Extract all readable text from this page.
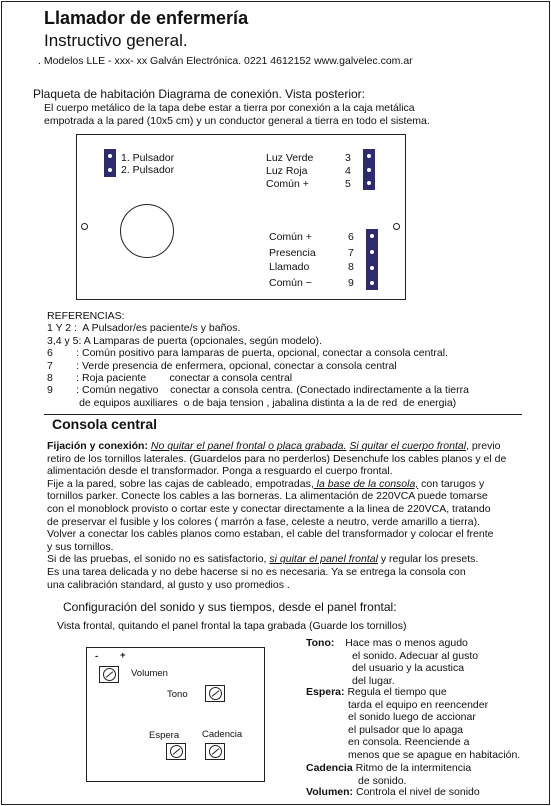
Llamador de enfermería
Instructivo general.
. Modelos LLE - xxx- xx Galván Electrónica. 0221 4612152 www.galvelec.com.ar
Plaqueta de habitación Diagrama de conexión. Vista posterior:
El cuerpo metálico de la tapa debe estar a tierra por conexión a la caja metálica
empotrada a la pared (10x5 cm) y un conductor general a tierra en todo el sistema.
1. Pulsador
2. Pulsador
Luz Verde	3
Luz Roja	4
Común +	5
Común +	6
Presencia	7
Llamado	8
Común −	9
REFERENCIAS:
1 Y 2 :  A Pulsador/es paciente/s y baños.
3,4 y 5: A Lamparas de puerta (opcionales, según modelo).
6        : Común positivo para lamparas de puerta, opcional, conectar a consola central.
7        : Verde presencia de enfermera, opcional, conectar a consola central
8        : Roja paciente        conectar a consola central
9        : Común negativo    conectar a consola centra. (Conectado indirectamente a la tierra
de equipos auxiliares  o de baja tension , jabalina distinta a la de red  de energia)
Consola central
Fijación y conexión: No quitar el panel frontal o placa grabada. Si quitar el cuerpo frontal, previo
retiro de los tornillos laterales. (Guardelos para no perderlos) Desenchufe los cables planos y el de
alimentación desde el transformador. Ponga a resguardo el cuerpo frontal.
Fije a la pared, sobre las cajas de cableado, empotradas, la base de la consola, con tarugos y
tornillos parker. Conecte los cables a las borneras. La alimentación de 220VCA puede tomarse
con el monoblock provisto o cortar este y conectar directamente a la linea de 220VCA, tratando
de preservar el fusible y los colores ( marrón a fase, celeste a neutro, verde amarillo a tierra).
Volver a conectar los cables planos como estaban, el cable del transformador y colocar el frente
y sus tornillos.
Si de las pruebas, el sonido no es satisfactorio, si quitar el panel frontal y regular los presets.
Es una tarea delicada y no debe hacerse si no es necesaria. Ya se entrega la consola con
una calibración standard, al gusto y uso promedios .
Configuración del sonido y sus tiempos, desde el panel frontal:
Vista frontal, quitando el panel frontal la tapa grabada (Guarde los tornillos)
- +
Volumen
Tono
Espera Cadencia
Tono: Hace mas o menos agudo
el sonido. Adecuar al gusto
del usuario y la acustica
del lugar.
Espera: Regula el tiempo que
tarda el equipo en reencender
el sonido luego de accionar
el pulsador que lo apaga
en consola. Reenciende a
menos que se apague en habitación.
Cadencia Ritmo de la intermitencia
de sonido.
Volumen: Controla el nivel de sonido
